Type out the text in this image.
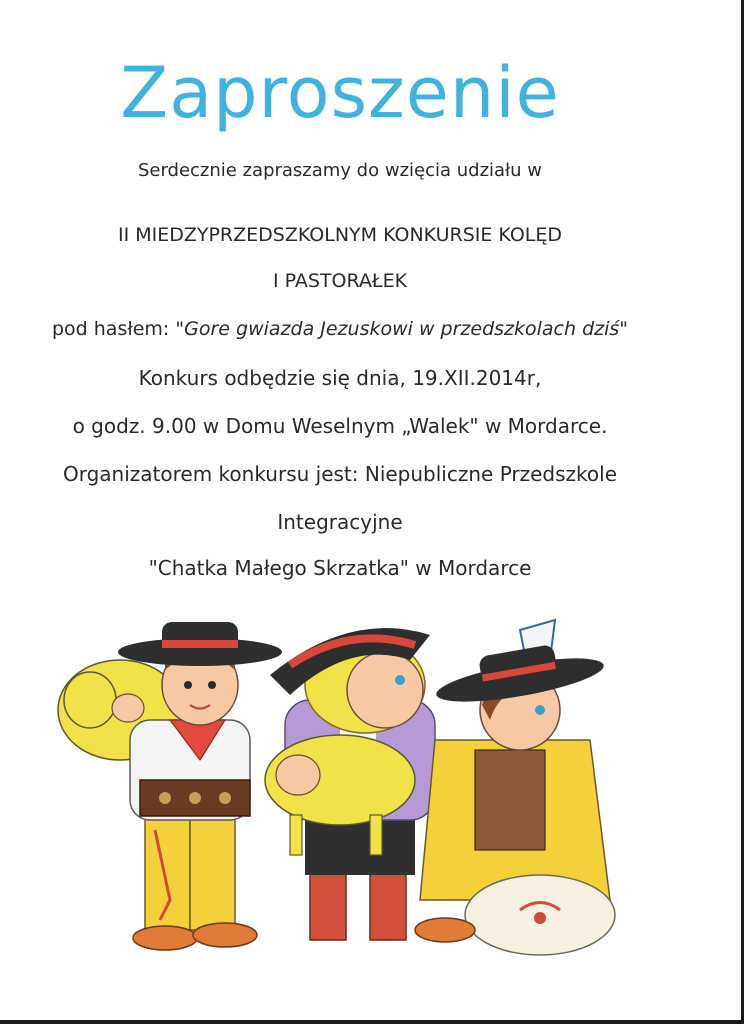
Zaproszenie
Serdecznie zapraszamy do wzięcia udziału w
II MIEDZYPRZEDSZKOLNYM KONKURSIE KOLĘD
I PASTORAŁEK
pod hasłem: "Gore gwiazda Jezuskowi w przedszkolach dziś"
Konkurs odbędzie się dnia, 19.XII.2014r,
o godz. 9.00 w Domu Weselnym „Walek" w Mordarce.
Organizatorem konkursu jest: Niepubliczne Przedszkole
Integracyjne
"Chatka Małego Skrzatka" w Mordarce
